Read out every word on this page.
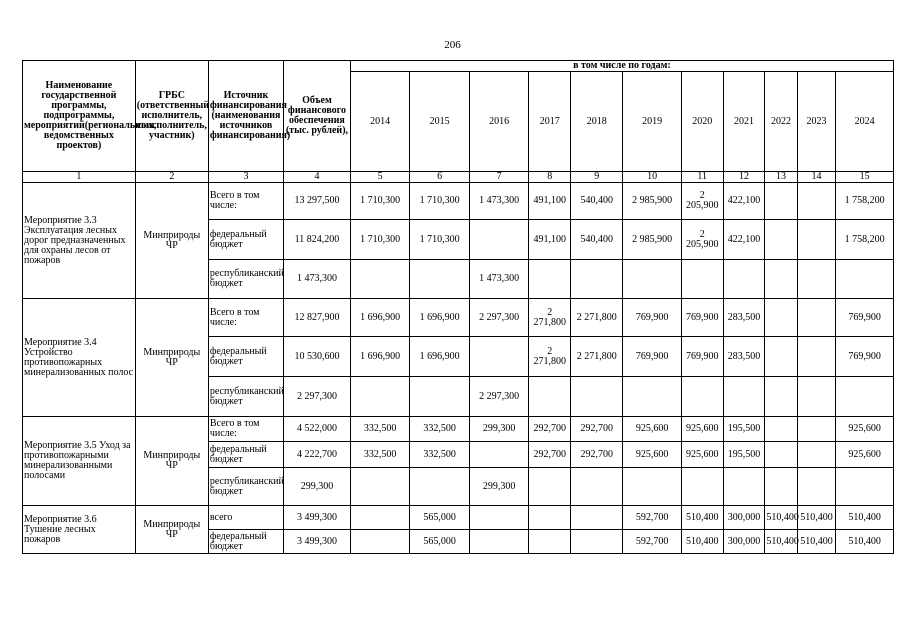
206
Наименование государственной программы, подпрограммы, мероприятий(региональных, ведомственных проектов)	ГРБС (ответственный исполнитель, соисполнитель, участник)	Источник финансирования (наименования источников финансирования)	Объем финансового обеспечения (тыс. рублей),	в том числе по годам:										
				2014	2015	2016	2017	2018	2019	2020	2021	2022	2023	2024
1	2	3	4	5	6	7	8	9	10	11	12	13	14	15
Мероприятие 3.3 Эксплуатация лесных дорог предназначенных для охраны лесов от пожаров	Минприроды ЧР	Всего в том числе:	13 297,500	1 710,300	1 710,300	1 473,300	491,100	540,400	2 985,900	2 205,900	422,100			1 758,200
		федеральный бюджет	11 824,200	1 710,300	1 710,300		491,100	540,400	2 985,900	2 205,900	422,100			1 758,200
		республиканский бюджет	1 473,300			1 473,300								
Мероприятие 3.4 Устройство противопожарных минерализованных полос	Минприроды ЧР	Всего в том числе:	12 827,900	1 696,900	1 696,900	2 297,300	2 271,800	2 271,800	769,900	769,900	283,500			769,900
		федеральный бюджет	10 530,600	1 696,900	1 696,900		2 271,800	2 271,800	769,900	769,900	283,500			769,900
		республиканский бюджет	2 297,300			2 297,300								
Мероприятие 3.5 Уход за противопожарными минерализованными полосами	Минприроды ЧР	Всего в том числе:	4 522,000	332,500	332,500	299,300	292,700	292,700	925,600	925,600	195,500			925,600
		федеральный бюджет	4 222,700	332,500	332,500		292,700	292,700	925,600	925,600	195,500			925,600
		республиканский бюджет	299,300			299,300								
Мероприятие 3.6 Тушение лесных пожаров	Минприроды ЧР	всего	3 499,300		565,000				592,700	510,400	300,000	510,400	510,400	510,400
		федеральный бюджет	3 499,300		565,000				592,700	510,400	300,000	510,400	510,400	510,400
